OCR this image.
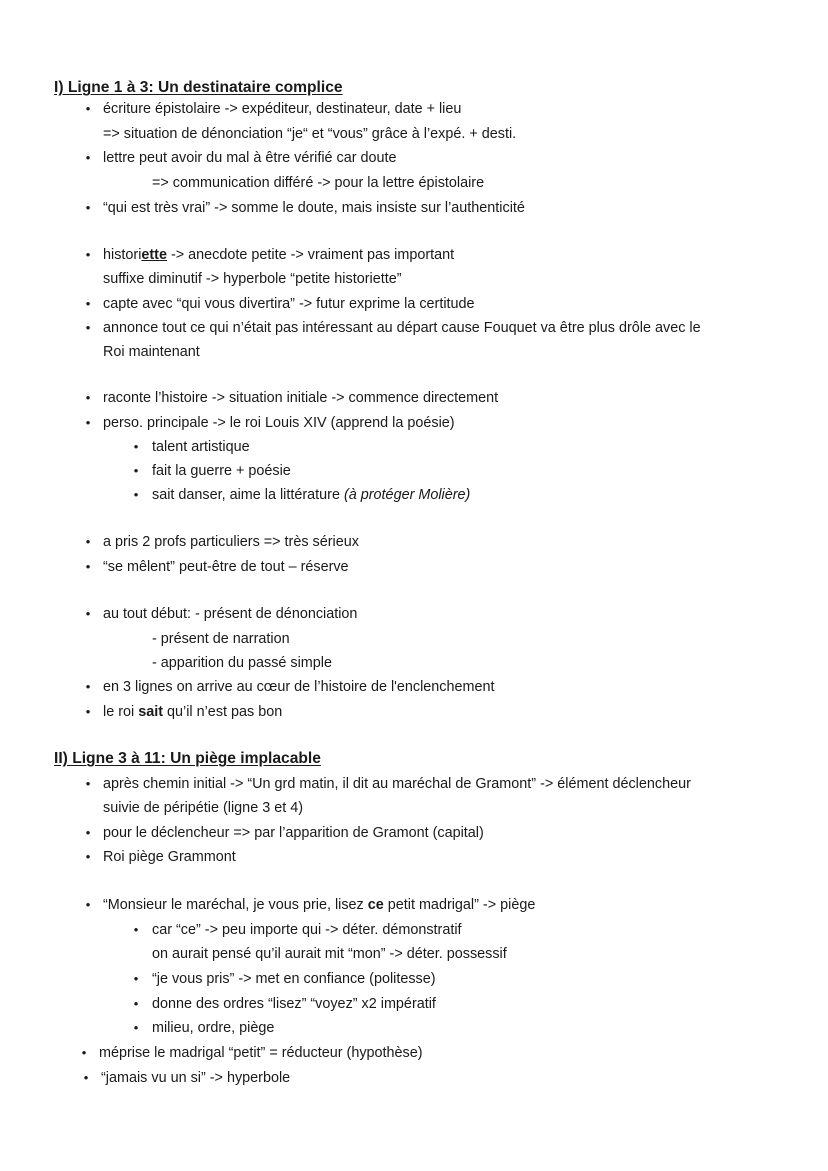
I) Ligne 1 à 3: Un destinataire complice
• écriture épistolaire -> expéditeur, destinateur, date + lieu
=> situation de dénonciation “je“ et “vous” grâce à l’expé. + desti.
• lettre peut avoir du mal à être vérifié car doute
=> communication différé -> pour la lettre épistolaire
• “qui est très vrai” -> somme le doute, mais insiste sur l’authenticité
• historiette -> anecdote petite -> vraiment pas important
suffixe diminutif -> hyperbole “petite historiette”
• capte avec “qui vous divertira” -> futur exprime la certitude
• annonce tout ce qui n’était pas intéressant au départ cause Fouquet va être plus drôle avec le
Roi maintenant
• raconte l’histoire -> situation initiale -> commence directement
• perso. principale -> le roi Louis XIV (apprend la poésie)
• talent artistique
• fait la guerre + poésie
• sait danser, aime la littérature (à protéger Molière)
• a pris 2 profs particuliers => très sérieux
• “se mêlent” peut-être de tout – réserve
• au tout début: - présent de dénonciation
- présent de narration
- apparition du passé simple
• en 3 lignes on arrive au cœur de l’histoire de l'enclenchement
• le roi sait qu’il n’est pas bon
II) Ligne 3 à 11: Un piège implacable
• après chemin initial -> “Un grd matin, il dit au maréchal de Gramont” -> élément déclencheur
suivie de péripétie (ligne 3 et 4)
• pour le déclencheur => par l’apparition de Gramont (capital)
• Roi piège Grammont
• “Monsieur le maréchal, je vous prie, lisez ce petit madrigal” -> piège
• car “ce” -> peu importe qui -> déter. démonstratif
on aurait pensé qu’il aurait mit “mon” -> déter. possessif
• “je vous pris” -> met en confiance (politesse)
• donne des ordres “lisez” “voyez” x2 impératif
• milieu, ordre, piège
• méprise le madrigal “petit” = réducteur (hypothèse)
• “jamais vu un si” -> hyperbole
